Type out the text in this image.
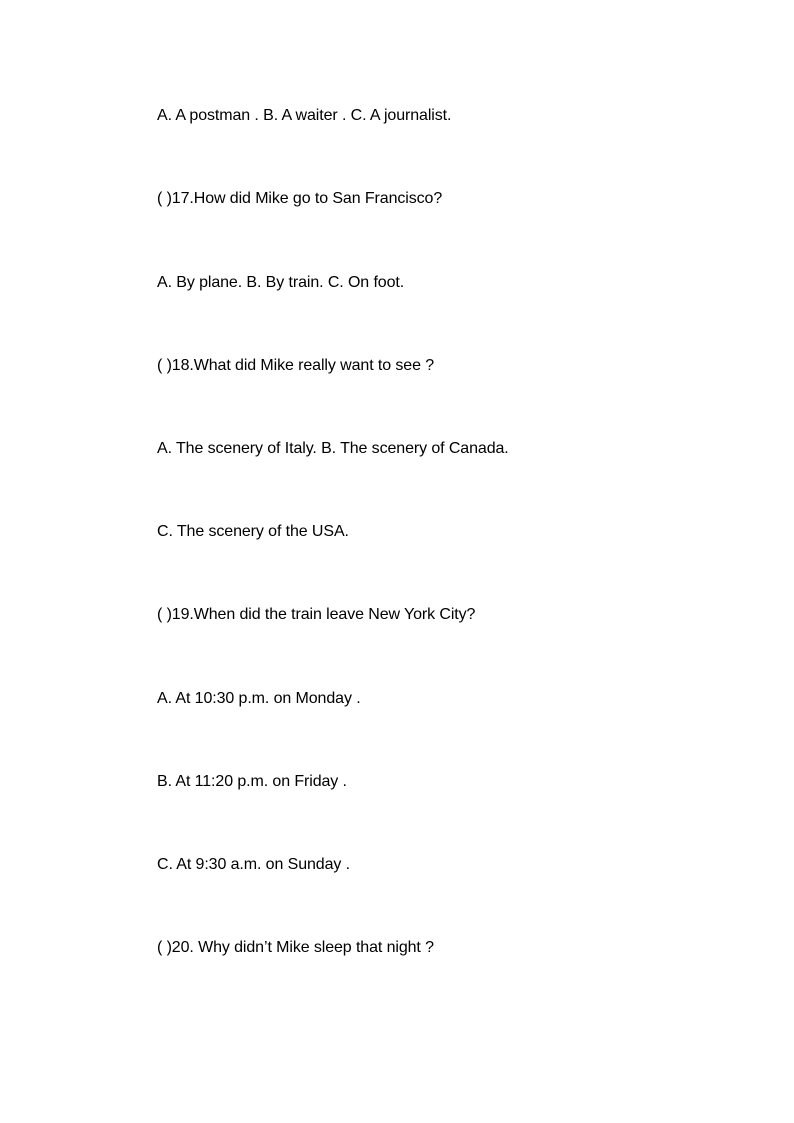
A. A postman . B. A waiter . C. A journalist.
( )17.How did Mike go to San Francisco?
A. By plane. B. By train. C. On foot.
( )18.What did Mike really want to see ?
A. The scenery of Italy. B. The scenery of Canada.
C. The scenery of the USA.
( )19.When did the train leave New York City?
A. At 10:30 p.m. on Monday .
B. At 11:20 p.m. on Friday .
C. At 9:30 a.m. on Sunday .
( )20. Why didn’t Mike sleep that night ?
